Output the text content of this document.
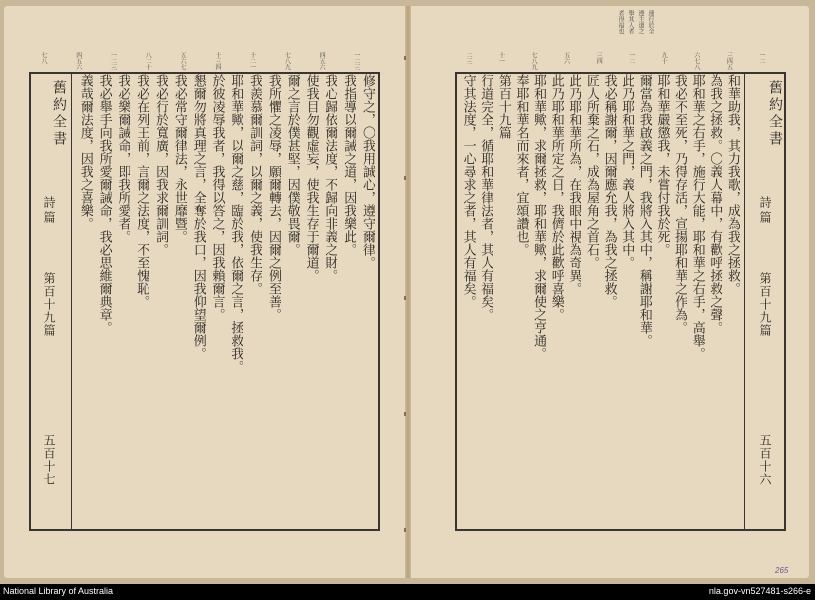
一二三
四五六
七八九
十二一
十三四
五六七
八二十
一二三
四五六
七八
舊約全書
詩篇
第百十九篇
五百十七
修守之，〇我用誠心，遵守爾律。
我指導以爾誡之道，因我樂此。
我心歸依爾法度，不歸向非義之財。
使我目勿觀虛妄，使我生存于爾道。
爾之言於僕甚堅，因僕敬畏爾。
我所懼之凌辱，願爾轉去，因爾之例至善。
我羨慕爾訓詞，以爾之義，使我生存。
耶和華歟，以爾之慈，臨於我，依爾之言，拯救我。
於彼凌辱我者，我得以答之，因我賴爾言。
懇爾勿將真理之言，全奪於我口，因我仰望爾例。
我必常守爾律法，永世靡暨。
我必行於寬廣，因我求爾訓詞。
我必在列王前，言爾之法度，不至愧恥。
我必樂爾誡命，即我所愛者。
我必舉手向我所愛爾誡命，我必思維爾典章。
義哉爾法度，因我之喜樂。
運行於全
遵主道之
舉其人者
者得福也
一二
三四五
六七八
九十
一二
三四
五六
七八九
十一
二三
舊約全書
詩篇
第百十九篇
五百十六
和華助我，其力我歌，成為我之拯救。
為我之拯救。〇義人幕中，有歡呼拯救之聲。
耶和華之右手，施行大能，耶和華之右手，高舉。
我必不至死，乃得存活，宣揚耶和華之作為。
耶和華嚴懲我，未嘗付我於死。
爾當為我啟義之門，我將入其中，稱謝耶和華。
此乃耶和華之門，義人將入其中。
我必稱謝爾，因爾應允我，為我之拯救。
匠人所棄之石，成為屋角之首石。
此乃耶和華所為，在我眼中視為奇異。
此乃耶和華所定之日，我儕於此歡呼喜樂。
耶和華歟，求爾拯救，耶和華歟，求爾使之亨通。
奉耶和華名而來者，宜頌讚也。
第百十九篇
行道完全，循耶和華律法者，其人有福矣。
守其法度，一心尋求之者，其人有福矣。
265
National Library of Australia	nla.gov-vn527481-s266-e
